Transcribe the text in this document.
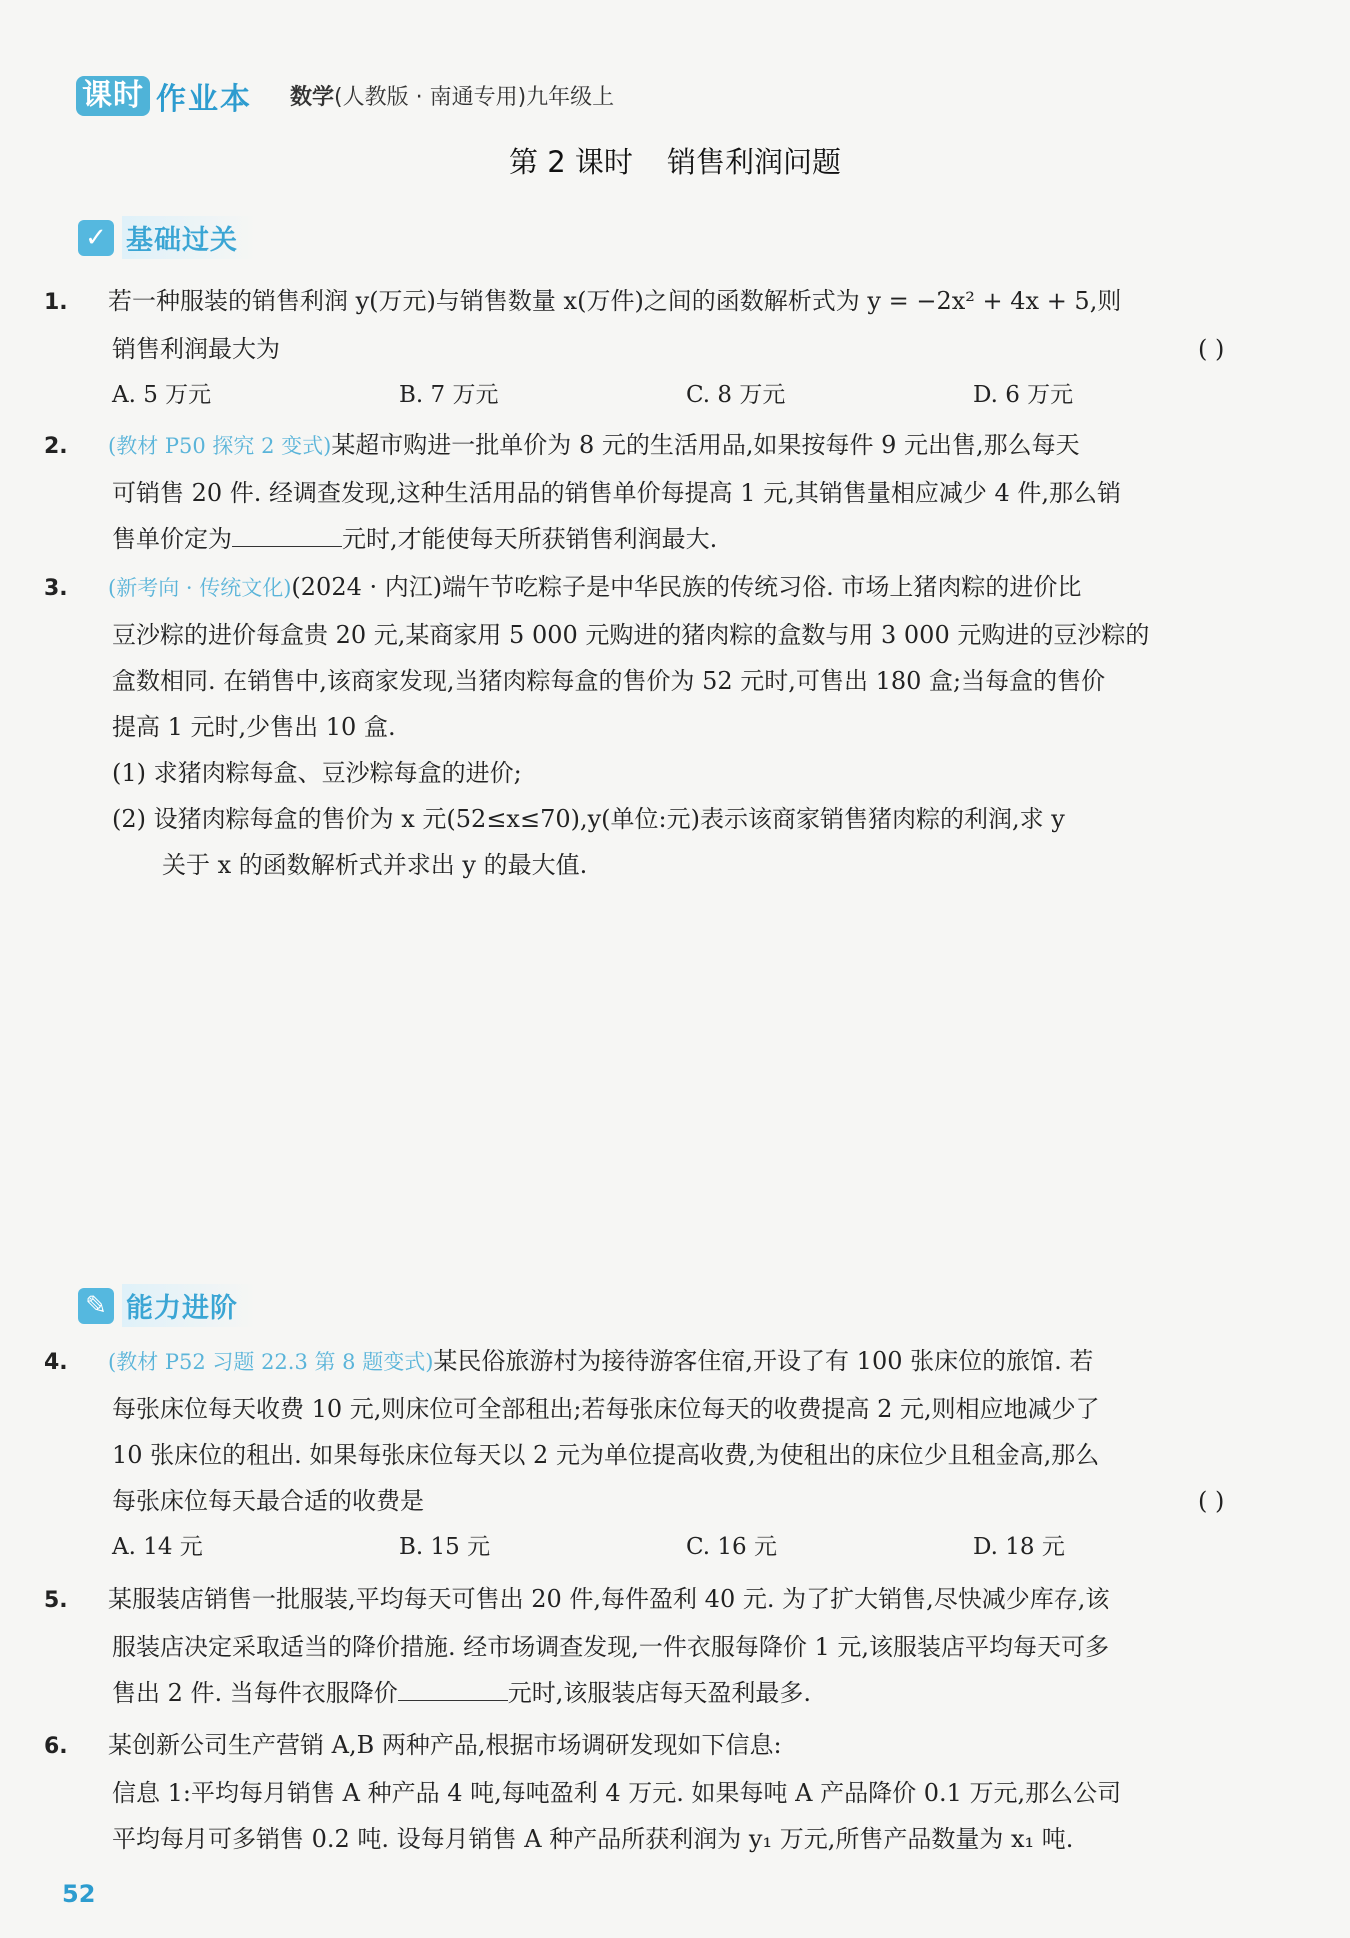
课时 作业本 数学(人教版 · 南通专用)九年级上
第 2 课时 销售利润问题
✓ 基础过关
1. 若一种服装的销售利润 y(万元)与销售数量 x(万件)之间的函数解析式为 y = −2x² + 4x + 5,则
销售利润最大为	( )
A. 5 万元	B. 7 万元	C. 8 万元	D. 6 万元
2. (教材 P50 探究 2 变式)某超市购进一批单价为 8 元的生活用品,如果按每件 9 元出售,那么每天
可销售 20 件. 经调查发现,这种生活用品的销售单价每提高 1 元,其销售量相应减少 4 件,那么销
售单价定为	元时,才能使每天所获销售利润最大.
3. (新考向 · 传统文化)(2024 · 内江)端午节吃粽子是中华民族的传统习俗. 市场上猪肉粽的进价比
豆沙粽的进价每盒贵 20 元,某商家用 5 000 元购进的猪肉粽的盒数与用 3 000 元购进的豆沙粽的
盒数相同. 在销售中,该商家发现,当猪肉粽每盒的售价为 52 元时,可售出 180 盒;当每盒的售价
提高 1 元时,少售出 10 盒.
(1) 求猪肉粽每盒、豆沙粽每盒的进价;
(2) 设猪肉粽每盒的售价为 x 元(52≤x≤70),y(单位:元)表示该商家销售猪肉粽的利润,求 y
关于 x 的函数解析式并求出 y 的最大值.
✎ 能力进阶
4. (教材 P52 习题 22.3 第 8 题变式)某民俗旅游村为接待游客住宿,开设了有 100 张床位的旅馆. 若
每张床位每天收费 10 元,则床位可全部租出;若每张床位每天的收费提高 2 元,则相应地减少了
10 张床位的租出. 如果每张床位每天以 2 元为单位提高收费,为使租出的床位少且租金高,那么
每张床位每天最合适的收费是	( )
A. 14 元	B. 15 元	C. 16 元	D. 18 元
5. 某服装店销售一批服装,平均每天可售出 20 件,每件盈利 40 元. 为了扩大销售,尽快减少库存,该
服装店决定采取适当的降价措施. 经市场调查发现,一件衣服每降价 1 元,该服装店平均每天可多
售出 2 件. 当每件衣服降价	元时,该服装店每天盈利最多.
6. 某创新公司生产营销 A,B 两种产品,根据市场调研发现如下信息:
信息 1:平均每月销售 A 种产品 4 吨,每吨盈利 4 万元. 如果每吨 A 产品降价 0.1 万元,那么公司
平均每月可多销售 0.2 吨. 设每月销售 A 种产品所获利润为 y₁ 万元,所售产品数量为 x₁ 吨.
52
